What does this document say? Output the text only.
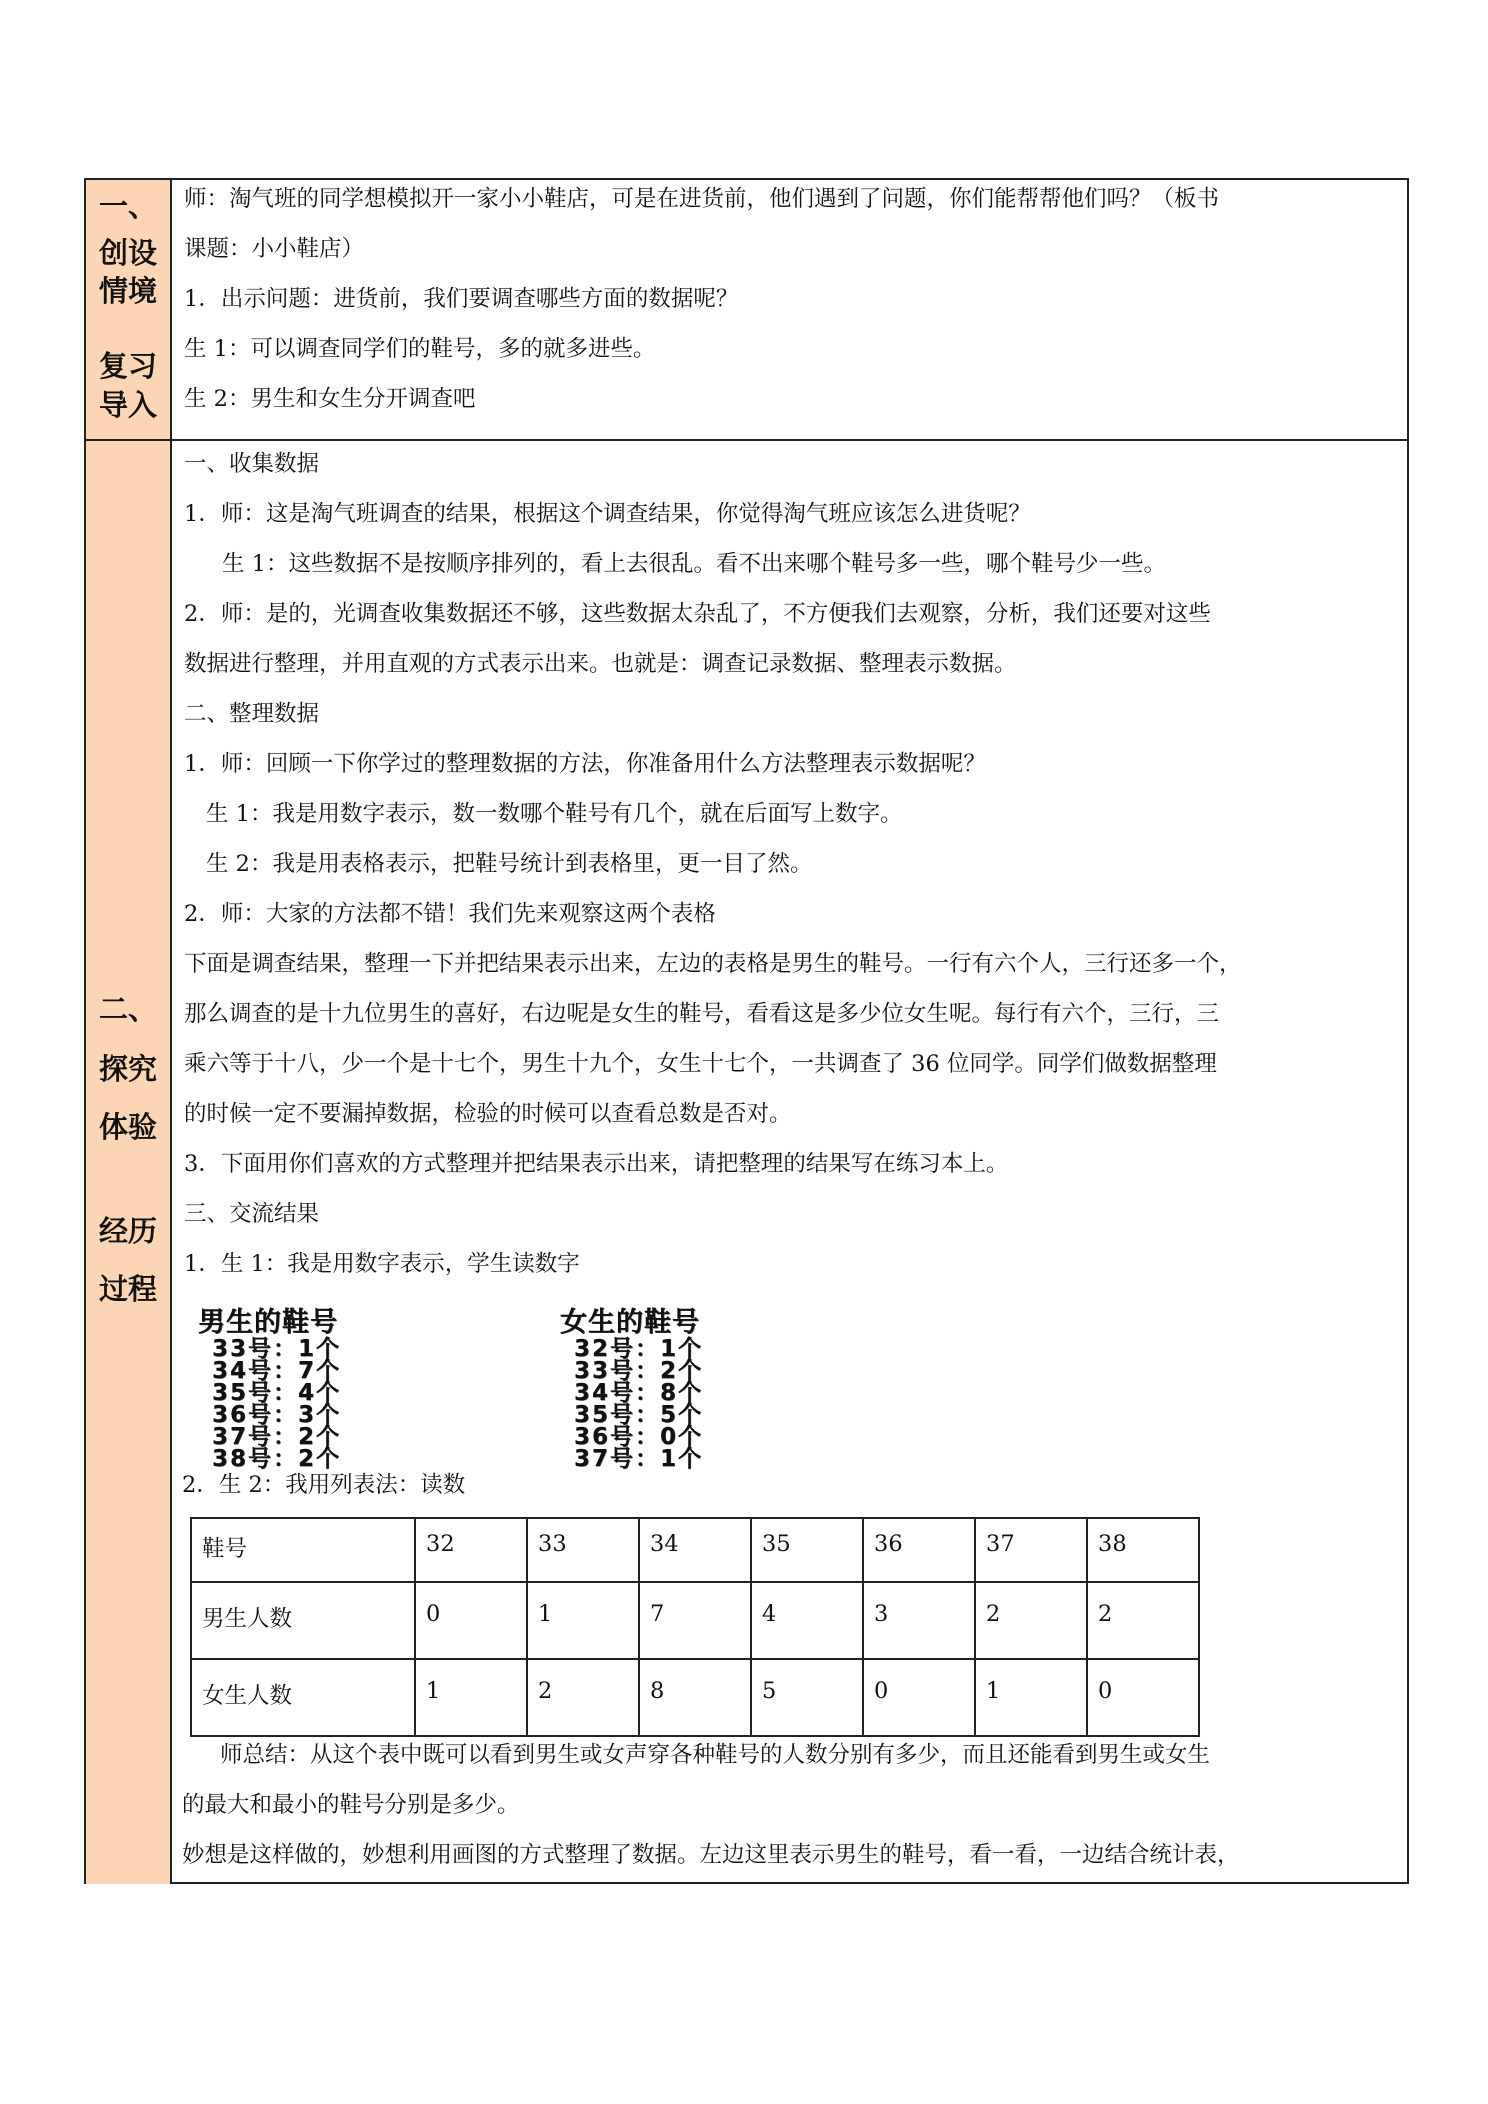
一、
创设
情境
复习
导入
师：淘气班的同学想模拟开一家小小鞋店，可是在进货前，他们遇到了问题，你们能帮帮他们吗？（板书
课题：小小鞋店）
1．出示问题：进货前，我们要调查哪些方面的数据呢？
生 1：可以调查同学们的鞋号，多的就多进些。
生 2：男生和女生分开调查吧
二、
探究
体验
经历
过程
一、收集数据
1．师：这是淘气班调查的结果，根据这个调查结果，你觉得淘气班应该怎么进货呢？
生 1：这些数据不是按顺序排列的，看上去很乱。看不出来哪个鞋号多一些，哪个鞋号少一些。
2．师：是的，光调查收集数据还不够，这些数据太杂乱了，不方便我们去观察，分析，我们还要对这些
数据进行整理，并用直观的方式表示出来。也就是：调查记录数据、整理表示数据。
二、整理数据
1．师：回顾一下你学过的整理数据的方法，你准备用什么方法整理表示数据呢？
生 1：我是用数字表示，数一数哪个鞋号有几个，就在后面写上数字。
生 2：我是用表格表示，把鞋号统计到表格里，更一目了然。
2．师：大家的方法都不错！我们先来观察这两个表格
下面是调查结果，整理一下并把结果表示出来，左边的表格是男生的鞋号。一行有六个人，三行还多一个，
那么调查的是十九位男生的喜好，右边呢是女生的鞋号，看看这是多少位女生呢。每行有六个，三行，三
乘六等于十八，少一个是十七个，男生十九个，女生十七个，一共调查了 36 位同学。同学们做数据整理
的时候一定不要漏掉数据，检验的时候可以查看总数是否对。
3．下面用你们喜欢的方式整理并把结果表示出来，请把整理的结果写在练习本上。
三、交流结果
1．生 1：我是用数字表示，学生读数字
男生的鞋号
33号：1个
34号：7个
35号：4个
36号：3个
37号：2个
38号：2个
女生的鞋号
32号：1个
33号：2个
34号：8个
35号：5个
36号：0个
37号：1个
2．生 2：我用列表法：读数
鞋号	32	33	34	35	36	37	38
男生人数	0	1	7	4	3	2	2
女生人数	1	2	8	5	0	1	0
师总结：从这个表中既可以看到男生或女声穿各种鞋号的人数分别有多少，而且还能看到男生或女生
的最大和最小的鞋号分别是多少。
妙想是这样做的，妙想利用画图的方式整理了数据。左边这里表示男生的鞋号，看一看，一边结合统计表，
